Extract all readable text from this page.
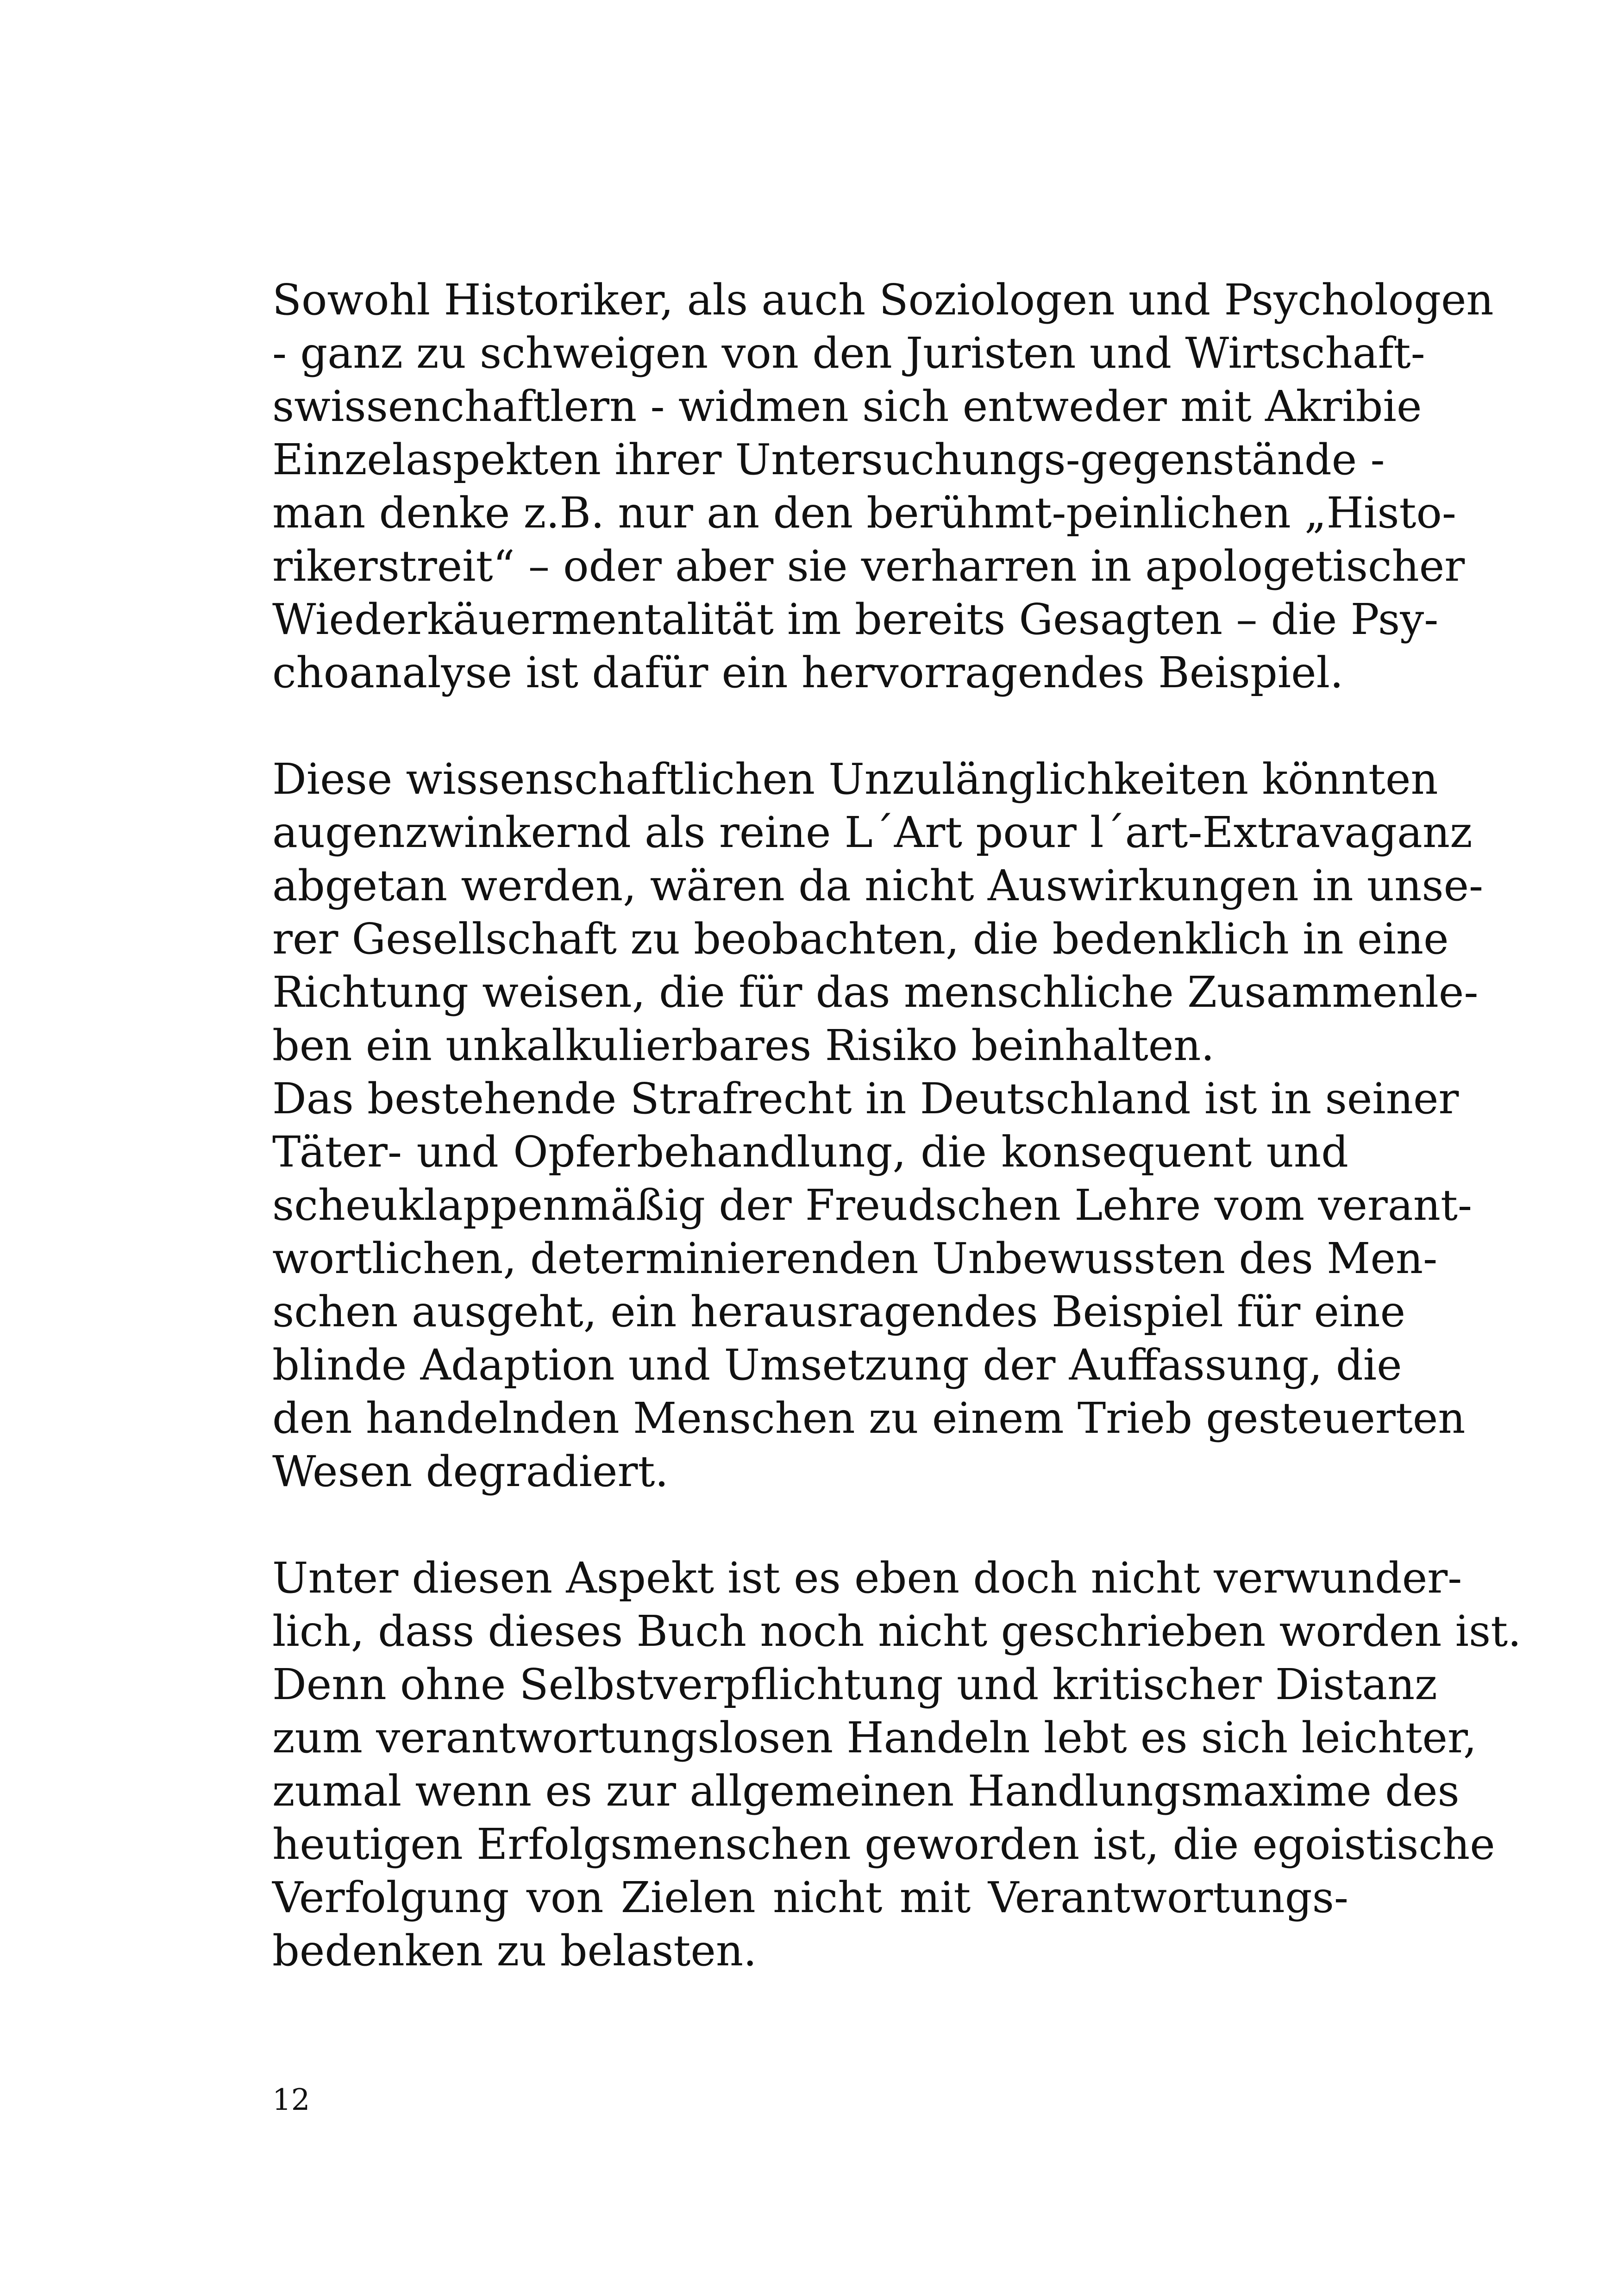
Sowohl Historiker, als auch Soziologen und Psychologen
- ganz zu schweigen von den Juristen und Wirtschaft-
swissenchaftlern - widmen sich entweder mit Akribie
Einzelaspekten ihrer Untersuchungs-gegenstände -
man denke z.B. nur an den berühmt-peinlichen „Histo-
rikerstreit“ – oder aber sie verharren in apologetischer
Wiederkäuermentalität im bereits Gesagten – die Psy-
choanalyse ist dafür ein hervorragendes Beispiel.
Diese wissenschaftlichen Unzulänglichkeiten könnten
augenzwinkernd als reine L´Art pour l´art-Extravaganz
abgetan werden, wären da nicht Auswirkungen in unse-
rer Gesellschaft zu beobachten, die bedenklich in eine
Richtung weisen, die für das menschliche Zusammenle-
ben ein unkalkulierbares Risiko beinhalten.
Das bestehende Strafrecht in Deutschland ist in seiner
Täter- und Opferbehandlung, die konsequent und
scheuklappenmäßig der Freudschen Lehre vom verant-
wortlichen, determinierenden Unbewussten des Men-
schen ausgeht, ein herausragendes Beispiel für eine
blinde Adaption und Umsetzung der Auffassung, die
den handelnden Menschen zu einem Trieb gesteuerten
Wesen degradiert.
Unter diesen Aspekt ist es eben doch nicht verwunder-
lich, dass dieses Buch noch nicht geschrieben worden ist.
Denn ohne Selbstverpflichtung und kritischer Distanz
zum verantwortungslosen Handeln lebt es sich leichter,
zumal wenn es zur allgemeinen Handlungsmaxime des
heutigen Erfolgsmenschen geworden ist, die egoistische
Verfolgung von Zielen nicht mit Verantwortungs-
bedenken zu belasten.
12
